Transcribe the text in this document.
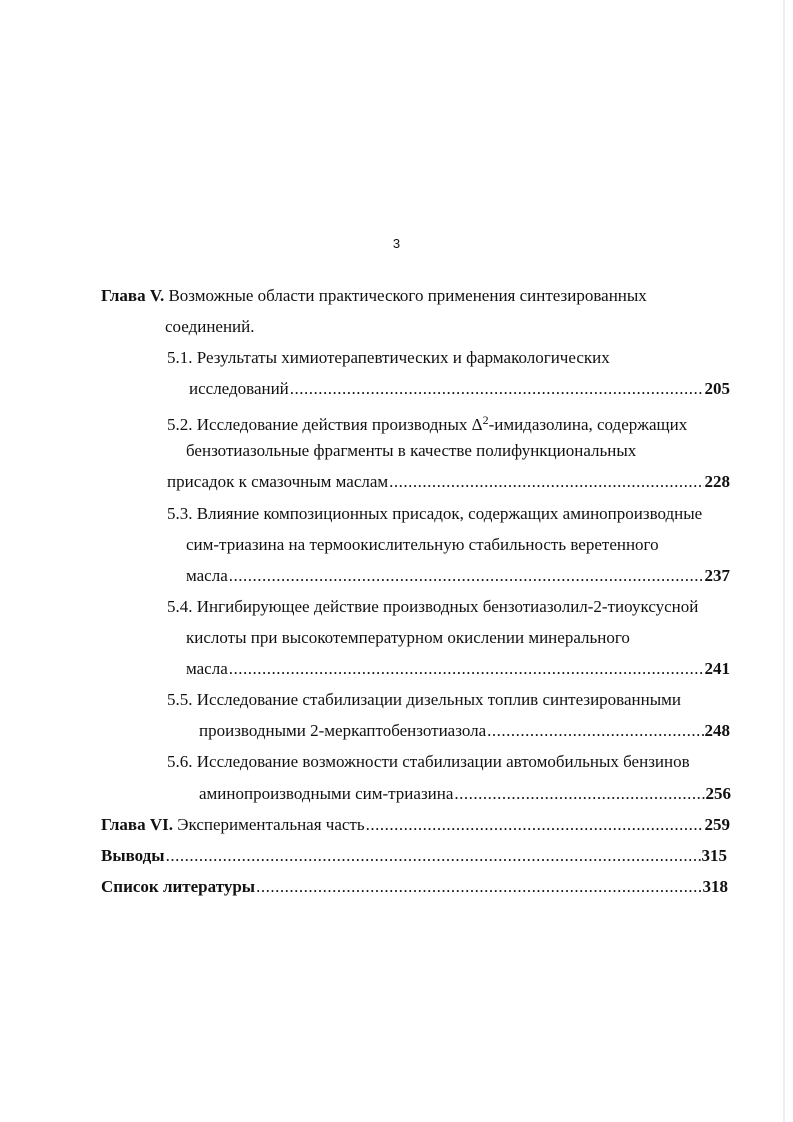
3
Глава V. Возможные области практического применения синтезированных
соединений.
5.1. Результаты химиотерапевтических и фармакологических
исследований .....	205
5.2. Исследование действия производных $\Delta^2$-имидазолина, содержащих
бензотиазольные фрагменты в качестве полифункциональных
присадок к смазочным маслам .....	228
5.3. Влияние композиционных присадок, содержащих аминопроизводные
сим-триазина на термоокислительную стабильность веретенного
масла .....	237
5.4. Ингибирующее действие производных бензотиазолил-2-тиоуксусной
кислоты при высокотемпературном окислении минерального
масла .....	241
5.5. Исследование стабилизации дизельных топлив синтезированными
производными 2-меркаптобензотиазола .....	248
5.6. Исследование возможности стабилизации автомобильных бензинов
аминопроизводными сим-триазина .....	256
Глава VI.
Экспериментальная часть .....	259
Выводы .....	315
Список литературы .....	318
